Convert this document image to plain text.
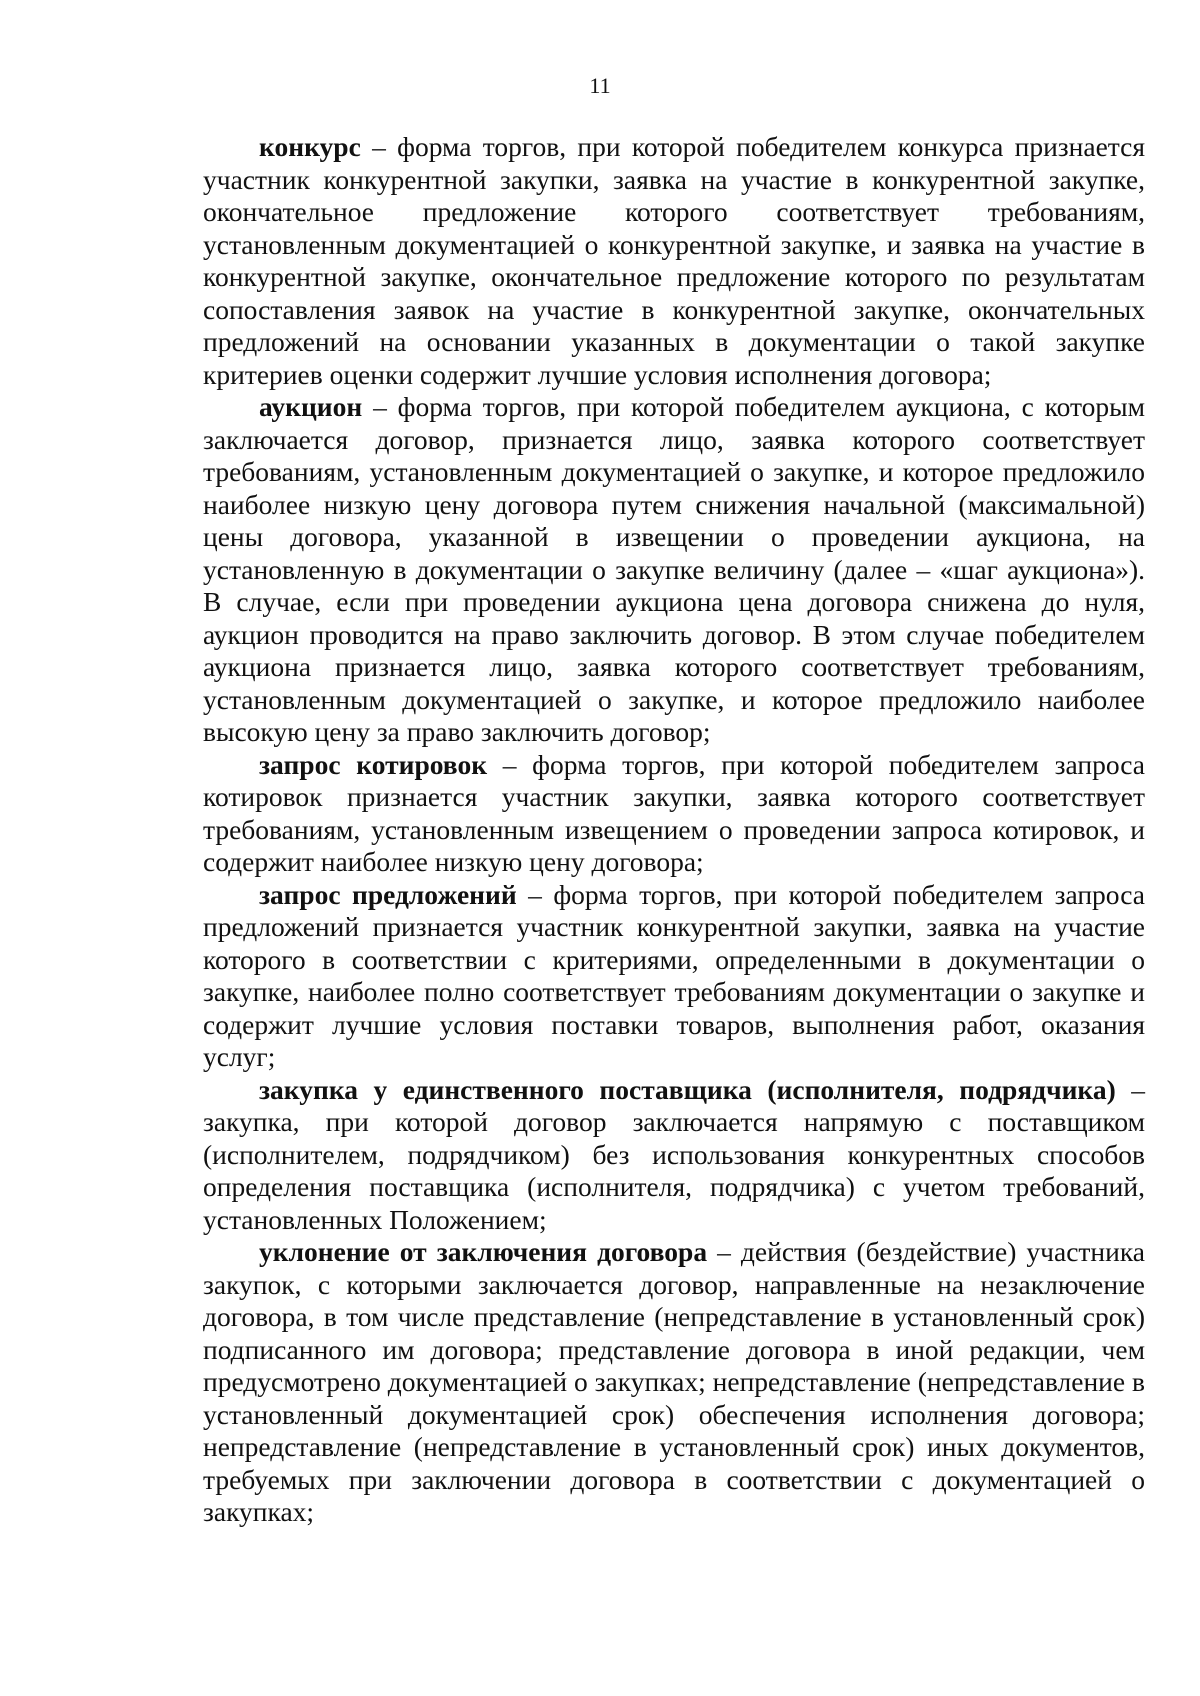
11

конкурс – форма торгов, при которой победителем конкурса признается участник конкурентной закупки, заявка на участие в конкурентной закупке, окончательное предложение которого соответствует требованиям, установленным документацией о конкурентной закупке, и заявка на участие в конкурентной закупке, окончательное предложение которого по результатам сопоставления заявок на участие в конкурентной закупке, окончательных предложений на основании указанных в документации о такой закупке критериев оценки содержит лучшие условия исполнения договора;

аукцион – форма торгов, при которой победителем аукциона, с которым заключается договор, признается лицо, заявка которого соответствует требованиям, установленным документацией о закупке, и которое предложило наиболее низкую цену договора путем снижения начальной (максимальной) цены договора, указанной в извещении о проведении аукциона, на установленную в документации о закупке величину (далее – «шаг аукциона»). В случае, если при проведении аукциона цена договора снижена до нуля, аукцион проводится на право заключить договор. В этом случае победителем аукциона признается лицо, заявка которого соответствует требованиям, установленным документацией о закупке, и которое предложило наиболее высокую цену за право заключить договор;

запрос котировок – форма торгов, при которой победителем запроса котировок признается участник закупки, заявка которого соответствует требованиям, установленным извещением о проведении запроса котировок, и содержит наиболее низкую цену договора;

запрос предложений – форма торгов, при которой победителем запроса предложений признается участник конкурентной закупки, заявка на участие которого в соответствии с критериями, определенными в документации о закупке, наиболее полно соответствует требованиям документации о закупке и содержит лучшие условия поставки товаров, выполнения работ, оказания услуг;

закупка у единственного поставщика (исполнителя, подрядчика) – закупка, при которой договор заключается напрямую с поставщиком (исполнителем, подрядчиком) без использования конкурентных способов определения поставщика (исполнителя, подрядчика) с учетом требований, установленных Положением;

уклонение от заключения договора – действия (бездействие) участника закупок, с которыми заключается договор, направленные на незаключение договора, в том числе представление (непредставление в установленный срок) подписанного им договора; представление договора в иной редакции, чем предусмотрено документацией о закупках; непредставление (непредставление в установленный документацией срок) обеспечения исполнения договора; непредставление (непредставление в установленный срок) иных документов, требуемых при заключении договора в соответствии с документацией о закупках;
